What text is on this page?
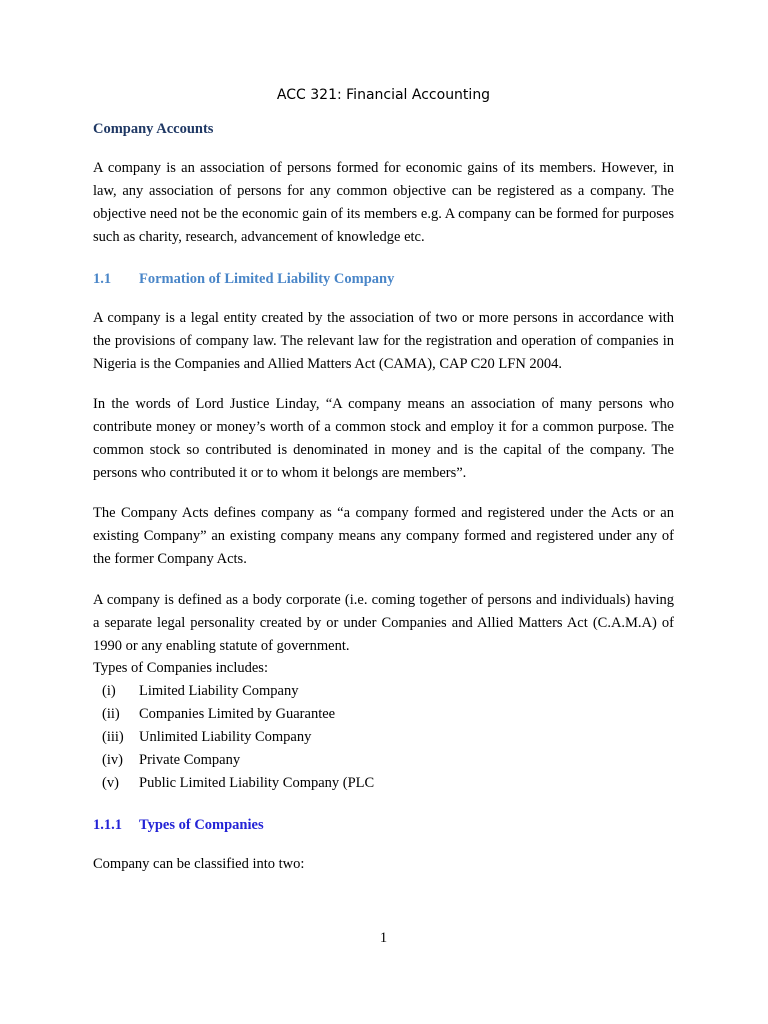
ACC 321: Financial Accounting
Company Accounts

A company is an association of persons formed for economic gains of its members. However, in law, any association of persons for any common objective can be registered as a company. The objective need not be the economic gain of its members e.g. A company can be formed for purposes such as charity, research, advancement of knowledge etc.

1.1 Formation of Limited Liability Company

A company is a legal entity created by the association of two or more persons in accordance with the provisions of company law. The relevant law for the registration and operation of companies in Nigeria is the Companies and Allied Matters Act (CAMA), CAP C20 LFN 2004.

In the words of Lord Justice Linday, “A company means an association of many persons who contribute money or money’s worth of a common stock and employ it for a common purpose. The common stock so contributed is denominated in money and is the capital of the company. The persons who contributed it or to whom it belongs are members”.

The Company Acts defines company as “a company formed and registered under the Acts or an existing Company” an existing company means any company formed and registered under any of the former Company Acts.

A company is defined as a body corporate (i.e. coming together of persons and individuals) having a separate legal personality created by or under Companies and Allied Matters Act (C.A.M.A) of 1990 or any enabling statute of government.

Types of Companies includes:
(i) Limited Liability Company
(ii) Companies Limited by Guarantee
(iii) Unlimited Liability Company
(iv) Private Company
(v) Public Limited Liability Company (PLC
1.1.1 Types of Companies
Company can be classified into two:
1
